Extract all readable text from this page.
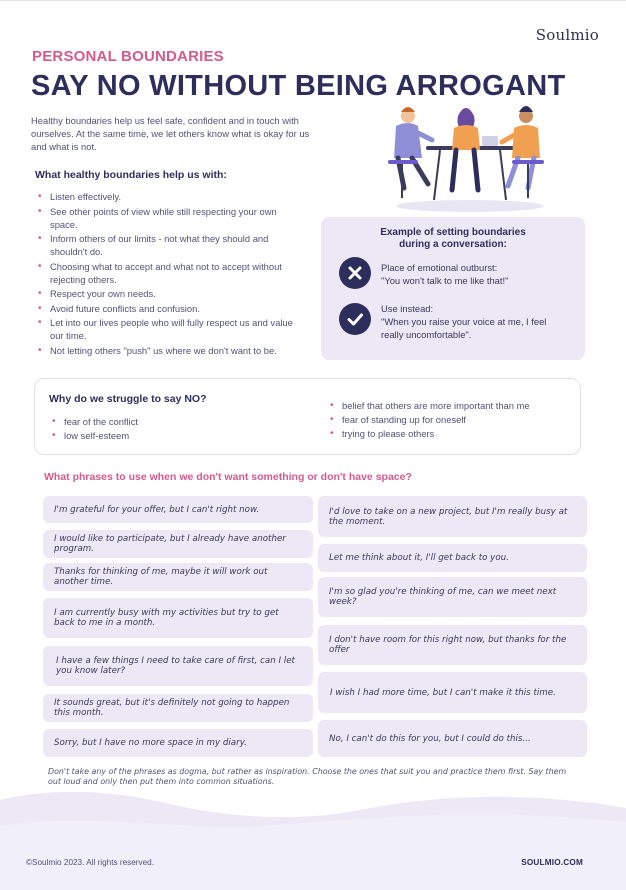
Soulmio
PERSONAL BOUNDARIES
SAY NO WITHOUT BEING ARROGANT
Healthy boundaries help us feel safe, confident and in touch with ourselves. At the same time, we let others know what is okay for us and what is not.
What healthy boundaries help us with:
• Listen effectively.
• See other points of view while still respecting your own space.
• Inform others of our limits - not what they should and shouldn't do.
• Choosing what to accept and what not to accept without rejecting others.
• Respect your own needs.
• Avoid future conflicts and confusion.
• Let into our lives people who will fully respect us and value our time.
• Not letting others "push" us where we don't want to be.
Example of setting boundaries
during a conversation:
Place of emotional outburst:
"You won't talk to me like that!"
Use instead:
"When you raise your voice at me, I feel really uncomfortable".
Why do we struggle to say NO?
• fear of the conflict
• low self-esteem
• belief that others are more important than me
• fear of standing up for oneself
• trying to please others
What phrases to use when we don't want something or don't have space?
I'm grateful for your offer, but I can't right now.
I would like to participate, but I already have another program.
Thanks for thinking of me, maybe it will work out another time.
I am currently busy with my activities but try to get back to me in a month.
I have a few things I need to take care of first, can I let you know later?
It sounds great, but it's definitely not going to happen this month.
Sorry, but I have no more space in my diary.
I'd love to take on a new project, but I'm really busy at the moment.
Let me think about it, I'll get back to you.
I'm so glad you're thinking of me, can we meet next week?
I don't have room for this right now, but thanks for the offer
I wish I had more time, but I can't make it this time.
No, I can't do this for you, but I could do this...
Don't take any of the phrases as dogma, but rather as inspiration. Choose the ones that suit you and practice them first. Say them out loud and only then put them into common situations.
©Soulmio 2023. All rights reserved.	SOULMIO.COM
